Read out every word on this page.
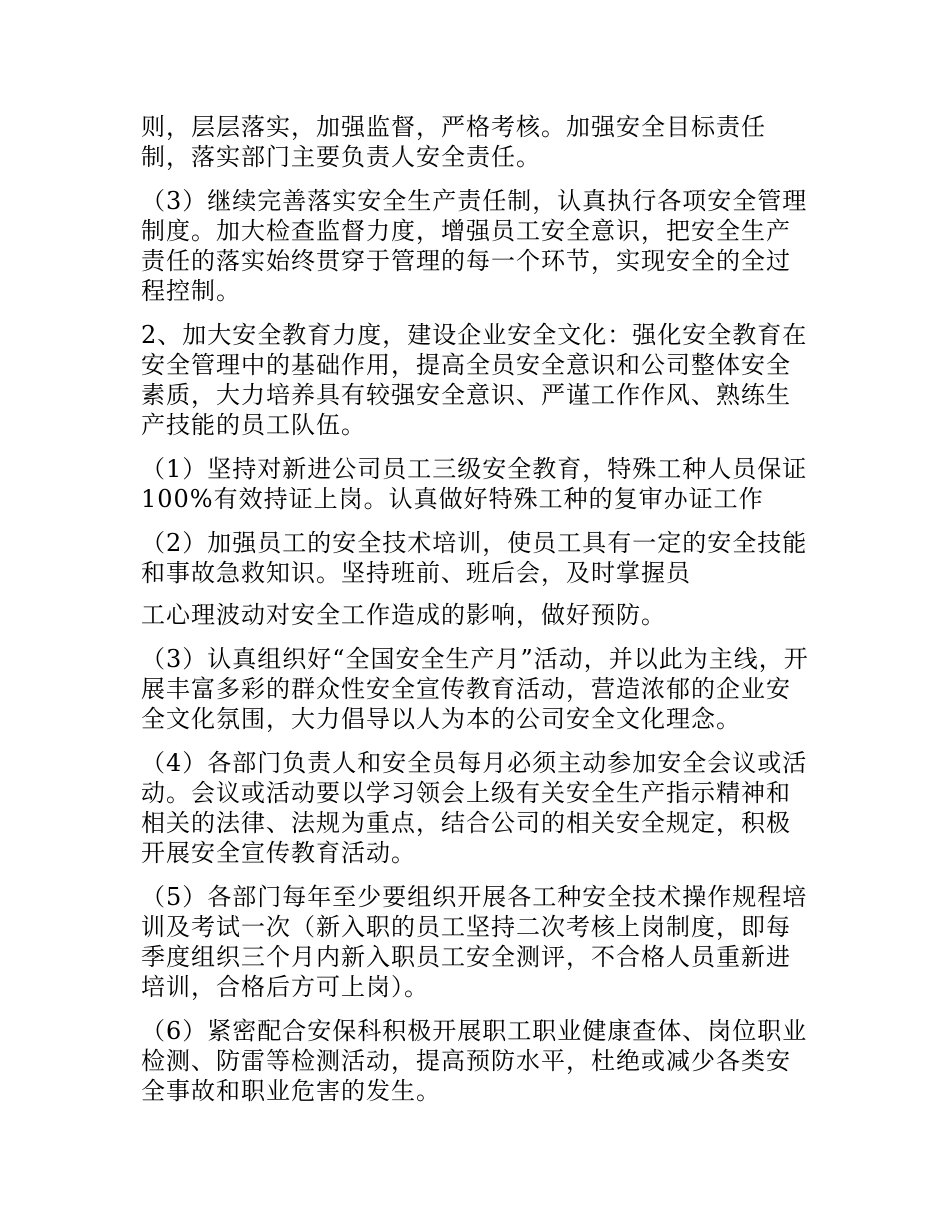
则，层层落实，加强监督，严格考核。加强安全目标责任制，落实部门主要负责人安全责任。

（3）继续完善落实安全生产责任制，认真执行各项安全管理制度。加大检查监督力度，增强员工安全意识，把安全生产责任的落实始终贯穿于管理的每一个环节，实现安全的全过程控制。

2、加大安全教育力度，建设企业安全文化：强化安全教育在安全管理中的基础作用，提高全员安全意识和公司整体安全素质，大力培养具有较强安全意识、严谨工作作风、熟练生产技能的员工队伍。

（1）坚持对新进公司员工三级安全教育，特殊工种人员保证100%有效持证上岗。认真做好特殊工种的复审办证工作

（2）加强员工的安全技术培训，使员工具有一定的安全技能和事故急救知识。坚持班前、班后会，及时掌握员

工心理波动对安全工作造成的影响，做好预防。

（3）认真组织好“全国安全生产月”活动，并以此为主线，开展丰富多彩的群众性安全宣传教育活动，营造浓郁的企业安全文化氛围，大力倡导以人为本的公司安全文化理念。

（4）各部门负责人和安全员每月必须主动参加安全会议或活动。会议或活动要以学习领会上级有关安全生产指示精神和相关的法律、法规为重点，结合公司的相关安全规定，积极开展安全宣传教育活动。

（5）各部门每年至少要组织开展各工种安全技术操作规程培训及考试一次（新入职的员工坚持二次考核上岗制度，即每季度组织三个月内新入职员工安全测评，不合格人员重新进培训，合格后方可上岗）。

（6）紧密配合安保科积极开展职工职业健康查体、岗位职业检测、防雷等检测活动，提高预防水平，杜绝或减少各类安全事故和职业危害的发生。
